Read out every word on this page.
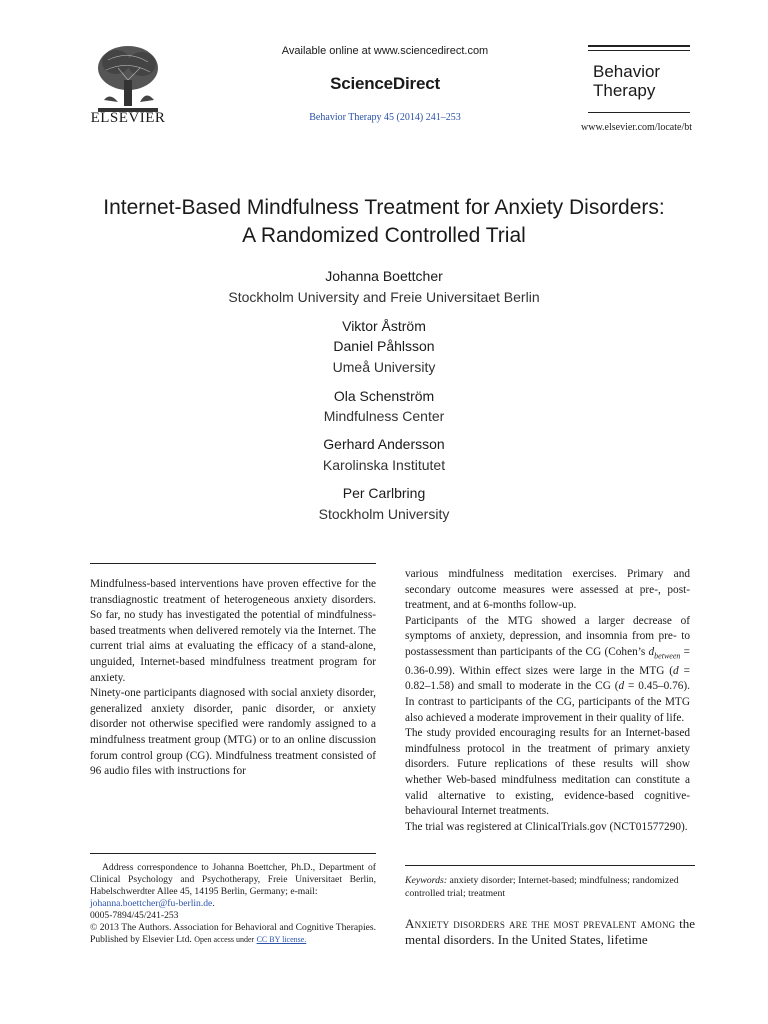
ELSEVIER
Available online at www.sciencedirect.com
ScienceDirect
Behavior Therapy 45 (2014) 241–253
Behavior
Therapy
www.elsevier.com/locate/bt
Internet-Based Mindfulness Treatment for Anxiety Disorders:
A Randomized Controlled Trial
Johanna Boettcher
Stockholm University and Freie Universitaet Berlin
Viktor Åström
Daniel Påhlsson
Umeå University
Ola Schenström
Mindfulness Center
Gerhard Andersson
Karolinska Institutet
Per Carlbring
Stockholm University

Mindfulness-based interventions have proven effective for the transdiagnostic treatment of heterogeneous anxiety disorders. So far, no study has investigated the potential of mindfulness-based treatments when delivered remotely via the Internet. The current trial aims at evaluating the efficacy of a stand-alone, unguided, Internet-based mindfulness treatment program for anxiety.

Ninety-one participants diagnosed with social anxiety disorder, generalized anxiety disorder, panic disorder, or anxiety disorder not otherwise specified were randomly assigned to a mindfulness treatment group (MTG) or to an online discussion forum control group (CG). Mindfulness treatment consisted of 96 audio files with instructions for

various mindfulness meditation exercises. Primary and secondary outcome measures were assessed at pre-, post-treatment, and at 6-months follow-up.

Participants of the MTG showed a larger decrease of symptoms of anxiety, depression, and insomnia from pre- to postassessment than participants of the CG (Cohen’s $d_{between} = 0.36-0.99$). Within effect sizes were large in the MTG (d = 0.82–1.58) and small to moderate in the CG (d = 0.45–0.76). In contrast to participants of the CG, participants of the MTG also achieved a moderate improvement in their quality of life.

The study provided encouraging results for an Internet-based mindfulness protocol in the treatment of primary anxiety disorders. Future replications of these results will show whether Web-based mindfulness meditation can constitute a valid alternative to existing, evidence-based cognitive-behavioural Internet treatments.

The trial was registered at ClinicalTrials.gov (NCT01577290).

Address correspondence to Johanna Boettcher, Ph.D., Department of Clinical Psychology and Psychotherapy, Freie Universitaet Berlin, Habelschwerdter Allee 45, 14195 Berlin, Germany; e-mail:
johanna.boettcher@fu-berlin.de.

0005-7894/45/241-253

© 2013 The Authors. Association for Behavioral and Cognitive Therapies. Published by Elsevier Ltd. Open access under CC BY license.

Keywords: anxiety disorder; Internet-based; mindfulness; randomized controlled trial; treatment
Anxiety disorders are the most prevalent among the mental disorders. In the United States, lifetime
